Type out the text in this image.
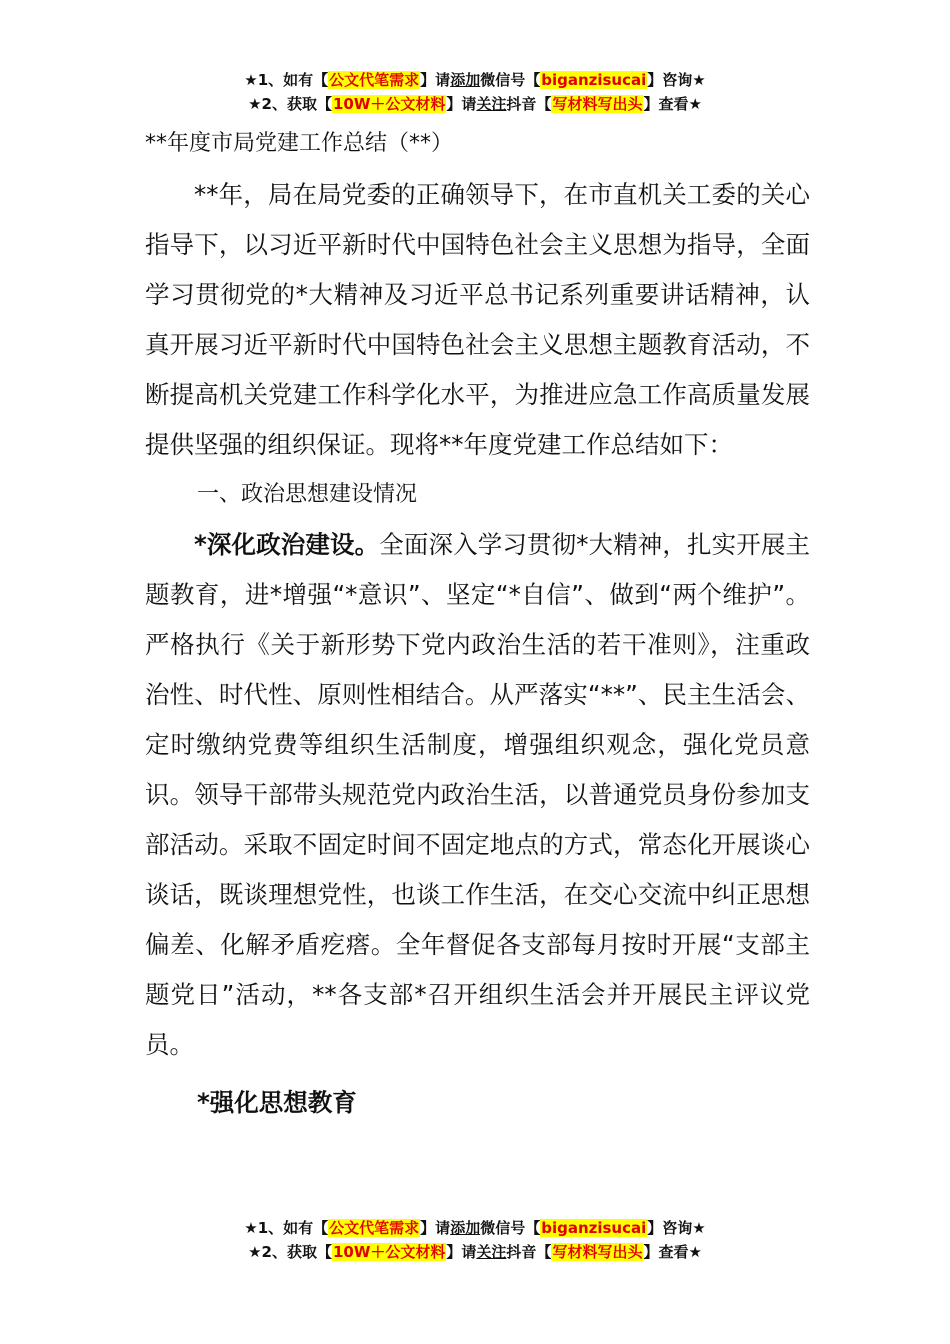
★1、如有【公文代笔需求】请添加微信号【biganzisucai】咨询★
★2、获取【10W＋公文材料】请关注抖音【写材料写出头】查看★

**年度市局党建工作总结（**）

**年，局在局党委的正确领导下，在市直机关工委的关心指导下，以习近平新时代中国特色社会主义思想为指导，全面学习贯彻党的*大精神及习近平总书记系列重要讲话精神，认真开展习近平新时代中国特色社会主义思想主题教育活动，不断提高机关党建工作科学化水平，为推进应急工作高质量发展提供坚强的组织保证。现将**年度党建工作总结如下：

一、政治思想建设情况

*深化政治建设。全面深入学习贯彻*大精神，扎实开展主题教育，进*增强“*意识”、坚定“*自信”、做到“两个维护”。严格执行《关于新形势下党内政治生活的若干准则》，注重政治性、时代性、原则性相结合。从严落实“**”、民主生活会、定时缴纳党费等组织生活制度，增强组织观念，强化党员意识。领导干部带头规范党内政治生活，以普通党员身份参加支部活动。采取不固定时间不固定地点的方式，常态化开展谈心谈话，既谈理想党性，也谈工作生活，在交心交流中纠正思想偏差、化解矛盾疙瘩。全年督促各支部每月按时开展“支部主题党日”活动，**各支部*召开组织生活会并开展民主评议党员。

*强化思想教育

★1、如有【公文代笔需求】请添加微信号【biganzisucai】咨询★
★2、获取【10W＋公文材料】请关注抖音【写材料写出头】查看★
